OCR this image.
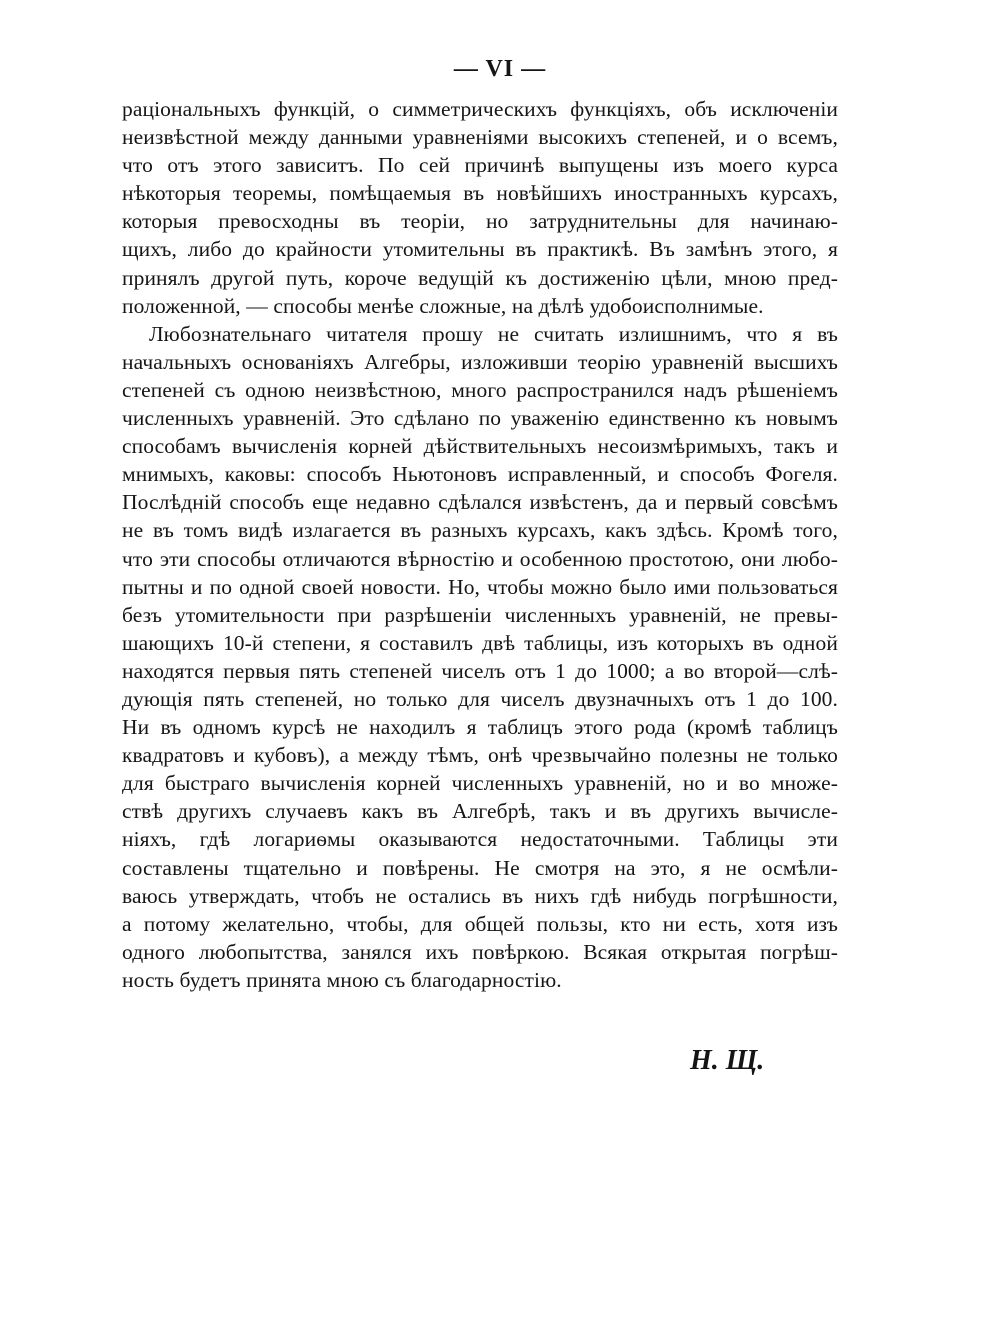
— VI —
раціональныхъ функцій, о симметрическихъ функціяхъ, объ исключеніи
неизвѣстной между данными уравненіями высокихъ степеней, и о всемъ,
что отъ этого зависитъ. По сей причинѣ выпущены изъ моего курса
нѣкоторыя теоремы, помѣщаемыя въ новѣйшихъ иностранныхъ курсахъ,
которыя превосходны въ теоріи, но затруднительны для начинаю-
щихъ, либо до крайности утомительны въ практикѣ. Въ замѣнъ этого, я
принялъ другой путь, короче ведущій къ достиженію цѣли, мною пред-
положенной, — способы менѣе сложные, на дѣлѣ удобоисполнимые.
Любознательнаго читателя прошу не считать излишнимъ, что я въ
начальныхъ основаніяхъ Алгебры, изложивши теорію уравненій высшихъ
степеней съ одною неизвѣстною, много распространился надъ рѣшеніемъ
численныхъ уравненій. Это сдѣлано по уваженію единственно къ новымъ
способамъ вычисленія корней дѣйствительныхъ несоизмѣримыхъ, такъ и
мнимыхъ, каковы: способъ Ньютоновъ исправленный, и способъ Фогеля.
Послѣдній способъ еще недавно сдѣлался извѣстенъ, да и первый совсѣмъ
не въ томъ видѣ излагается въ разныхъ курсахъ, какъ здѣсь. Кромѣ того,
что эти способы отличаются вѣрностію и особенною простотою, они любо-
пытны и по одной своей новости. Но, чтобы можно было ими пользоваться
безъ утомительности при разрѣшеніи численныхъ уравненій, не превы-
шающихъ 10-й степени, я составилъ двѣ таблицы, изъ которыхъ въ одной
находятся первыя пять степеней чиселъ отъ 1 до 1000; а во второй—слѣ-
дующія пять степеней, но только для чиселъ двузначныхъ отъ 1 до 100.
Ни въ одномъ курсѣ не находилъ я таблицъ этого рода (кромѣ таблицъ
квадратовъ и кубовъ), а между тѣмъ, онѣ чрезвычайно полезны не только
для быстраго вычисленія корней численныхъ уравненій, но и во множе-
ствѣ другихъ случаевъ какъ въ Алгебрѣ, такъ и въ другихъ вычисле-
ніяхъ, гдѣ логариѳмы оказываются недостаточными. Таблицы эти
составлены тщательно и повѣрены. Не смотря на это, я не осмѣли-
ваюсь утверждать, чтобъ не остались въ нихъ гдѣ нибудь погрѣшности,
а потому желательно, чтобы, для общей пользы, кто ни есть, хотя изъ
одного любопытства, занялся ихъ повѣркою. Всякая открытая погрѣш-
ность будетъ принята мною съ благодарностію.
Н. Щ.
